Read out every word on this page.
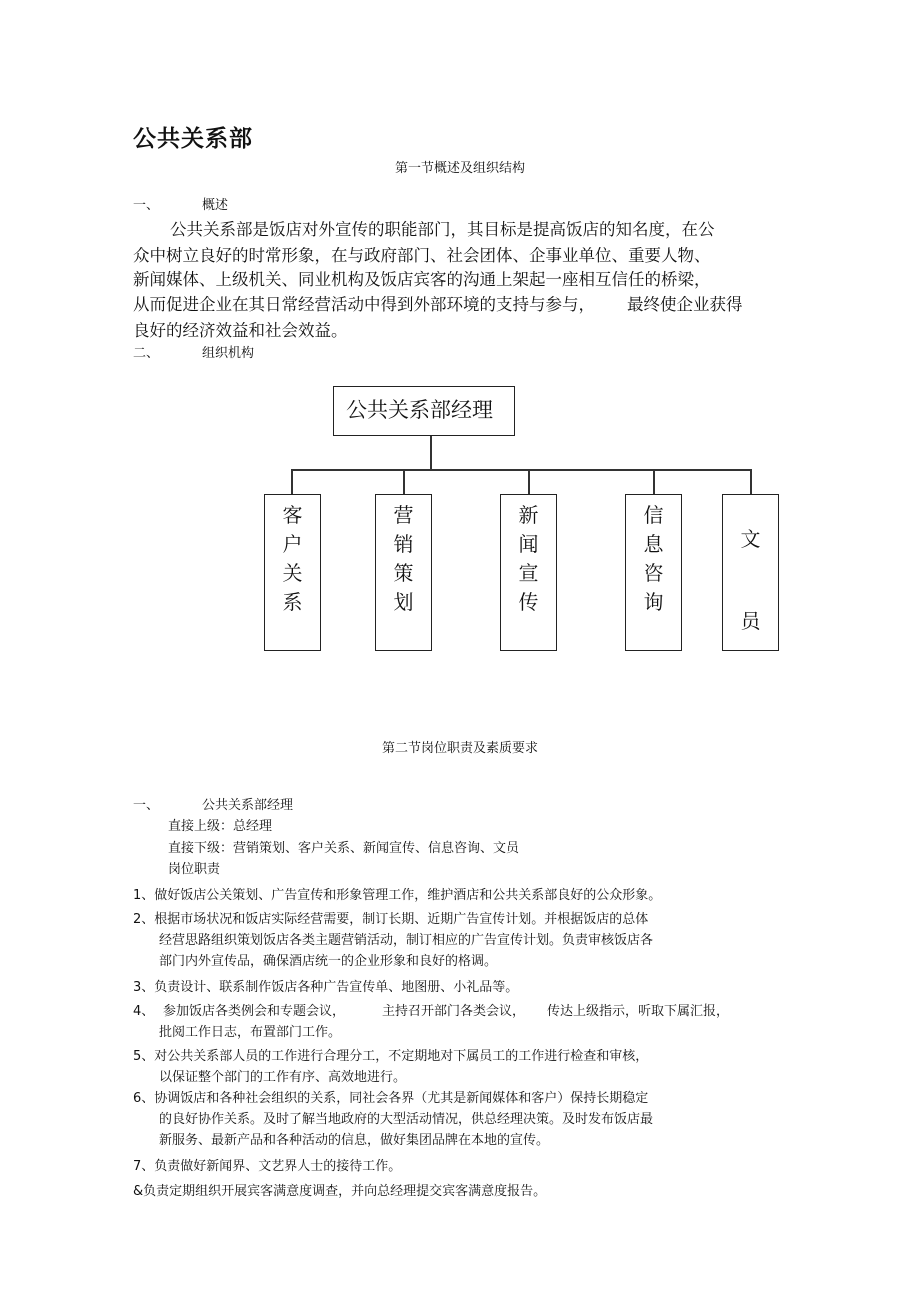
公共关系部
第一节概述及组织结构
一、	概述
公共关系部是饭店对外宣传的职能部门，其目标是提高饭店的知名度，在公
众中树立良好的时常形象，在与政府部门、社会团体、企事业单位、重要人物、
新闻媒体、上级机关、同业机构及饭店宾客的沟通上架起一座相互信任的桥梁，
从而促进企业在其日常经营活动中得到外部环境的支持与参与， 最终使企业获得
良好的经济效益和社会效益。
二、	组织机构
公共关系部经理
客
户
关
系
营
销
策
划
新
闻
宣
传
信
息
咨
询
文
员
第二节岗位职责及素质要求
一、	公共关系部经理
直接上级：总经理
直接下级：营销策划、客户关系、新闻宣传、信息咨询、文员
岗位职责
1、做好饭店公关策划、广告宣传和形象管理工作，维护酒店和公共关系部良好的公众形象。
2、根据市场状况和饭店实际经营需要，制订长期、近期广告宣传计划。并根据饭店的总体
经营思路组织策划饭店各类主题营销活动，制订相应的广告宣传计划。负责审核饭店各
部门内外宣传品，确保酒店统一的企业形象和良好的格调。
3、负责设计、联系制作饭店各种广告宣传单、地图册、小礼品等。
4、 参加饭店各类例会和专题会议，	主持召开部门各类会议， 传达上级指示，听取下属汇报，
批阅工作日志，布置部门工作。
5、对公共关系部人员的工作进行合理分工，不定期地对下属员工的工作进行检查和审核，
以保证整个部门的工作有序、高效地进行。
6、协调饭店和各种社会组织的关系，同社会各界（尤其是新闻媒体和客户）保持长期稳定
的良好协作关系。及时了解当地政府的大型活动情况，供总经理决策。及时发布饭店最
新服务、最新产品和各种活动的信息，做好集团品牌在本地的宣传。
7、负责做好新闻界、文艺界人士的接待工作。
&负责定期组织开展宾客满意度调查，并向总经理提交宾客满意度报告。
